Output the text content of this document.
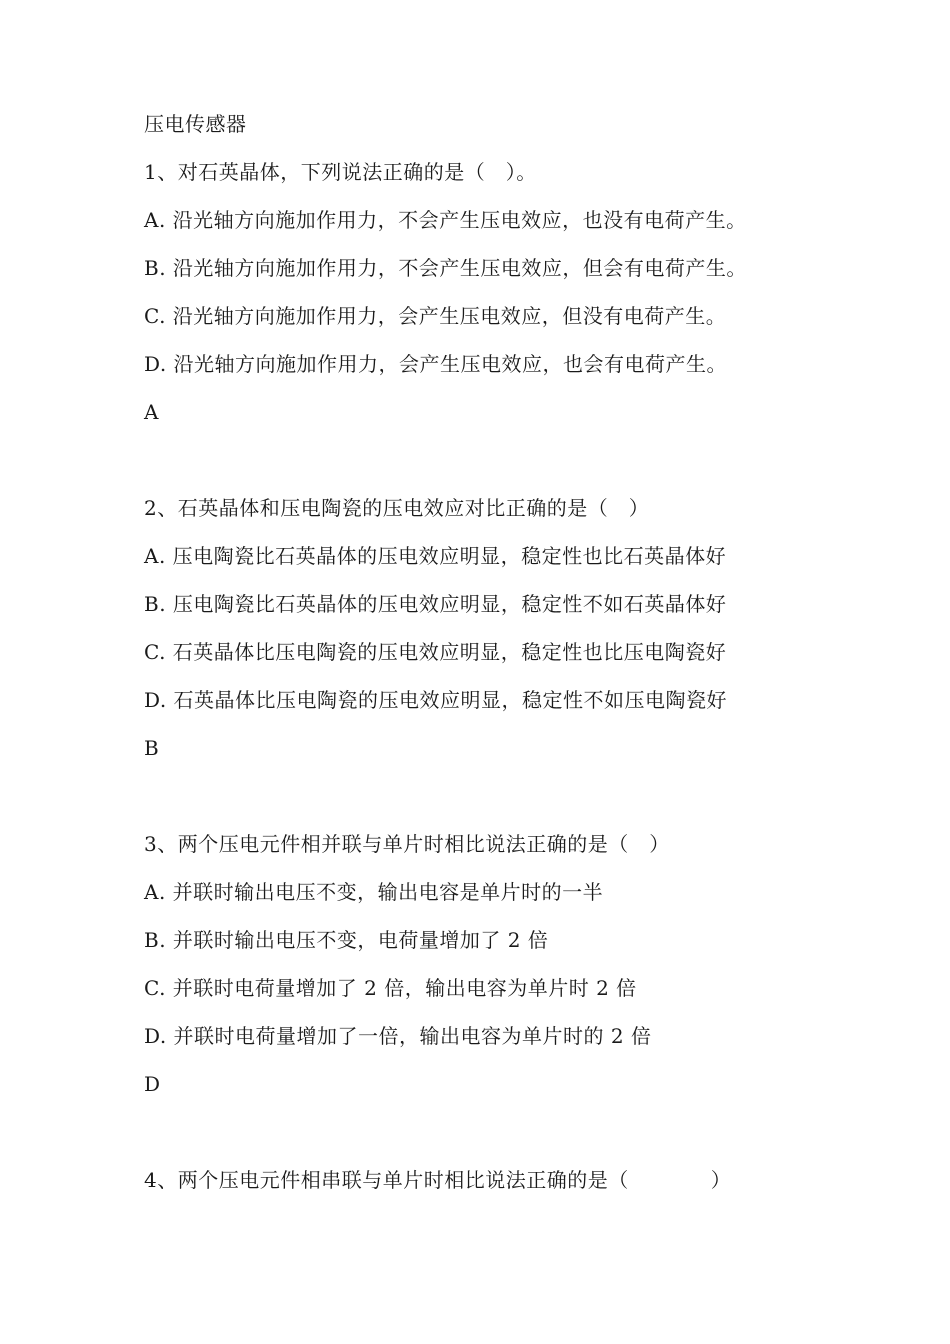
压电传感器
1、对石英晶体，下列说法正确的是（　）。
A. 沿光轴方向施加作用力，不会产生压电效应，也没有电荷产生。
B. 沿光轴方向施加作用力，不会产生压电效应，但会有电荷产生。
C. 沿光轴方向施加作用力，会产生压电效应，但没有电荷产生。
D. 沿光轴方向施加作用力，会产生压电效应，也会有电荷产生。
A
2、石英晶体和压电陶瓷的压电效应对比正确的是（　）
A. 压电陶瓷比石英晶体的压电效应明显，稳定性也比石英晶体好
B. 压电陶瓷比石英晶体的压电效应明显，稳定性不如石英晶体好
C. 石英晶体比压电陶瓷的压电效应明显，稳定性也比压电陶瓷好
D. 石英晶体比压电陶瓷的压电效应明显，稳定性不如压电陶瓷好
B
3、两个压电元件相并联与单片时相比说法正确的是（　）
A. 并联时输出电压不变，输出电容是单片时的一半
B. 并联时输出电压不变，电荷量增加了 2 倍
C. 并联时电荷量增加了 2 倍，输出电容为单片时 2 倍
D. 并联时电荷量增加了一倍，输出电容为单片时的 2 倍
D
4、两个压电元件相串联与单片时相比说法正确的是（　　　　）
